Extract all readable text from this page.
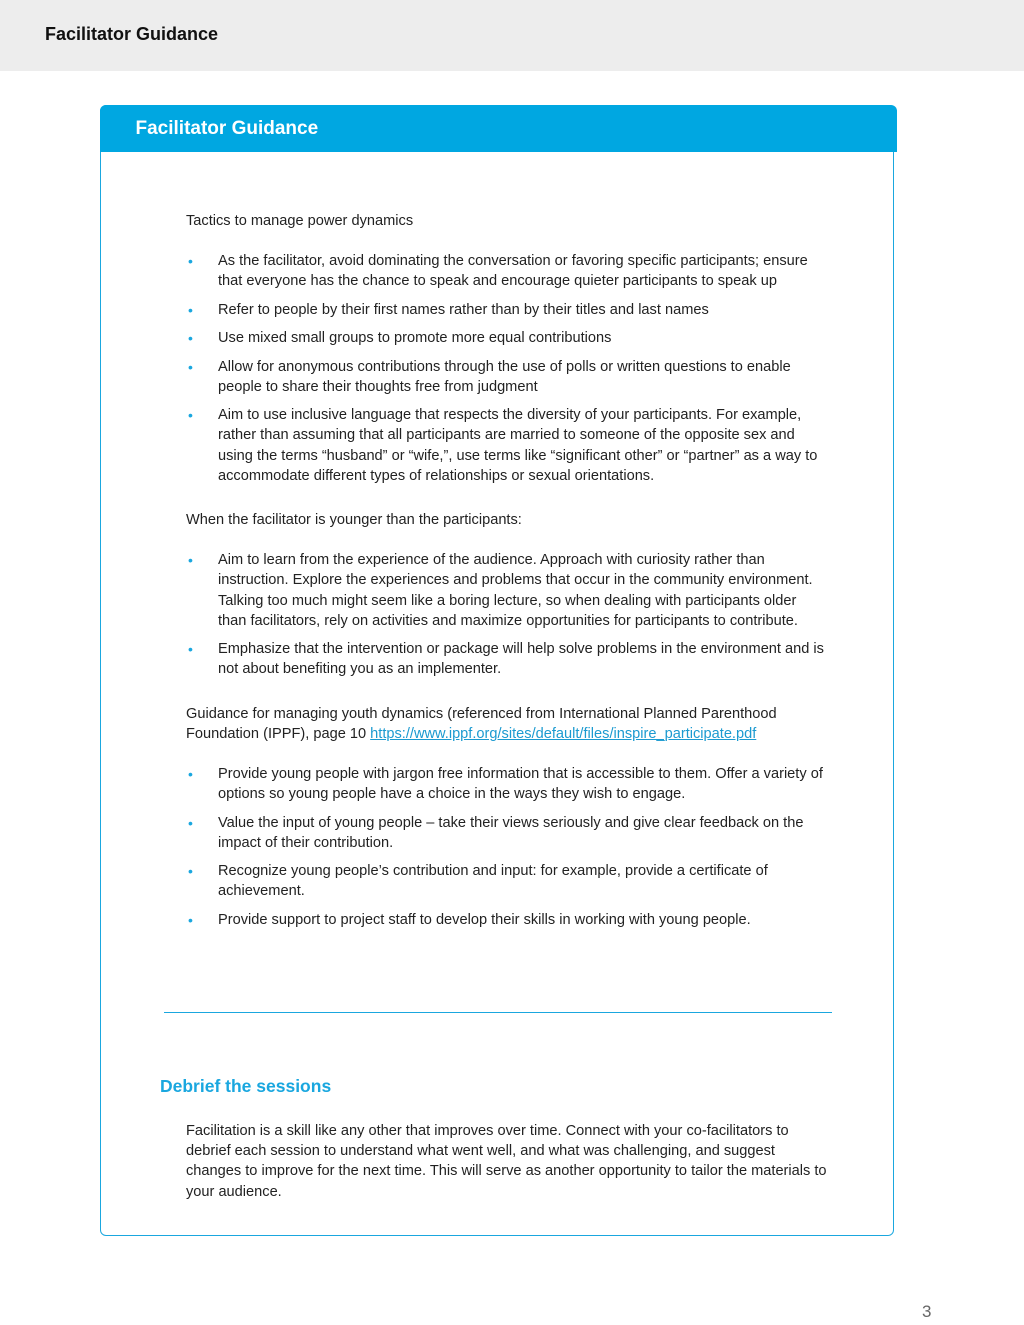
Facilitator Guidance
Facilitator Guidance

Tactics to manage power dynamics

• As the facilitator, avoid dominating the conversation or favoring specific participants; ensure that everyone has the chance to speak and encourage quieter participants to speak up
• Refer to people by their first names rather than by their titles and last names
• Use mixed small groups to promote more equal contributions
• Allow for anonymous contributions through the use of polls or written questions to enable people to share their thoughts free from judgment
• Aim to use inclusive language that respects the diversity of your participants. For example, rather than assuming that all participants are married to someone of the opposite sex and using the terms “husband” or “wife,”, use terms like “significant other” or “partner” as a way to accommodate different types of relationships or sexual orientations.

When the facilitator is younger than the participants:

• Aim to learn from the experience of the audience. Approach with curiosity rather than instruction. Explore the experiences and problems that occur in the community environment. Talking too much might seem like a boring lecture, so when dealing with participants older than facilitators, rely on activities and maximize opportunities for participants to contribute.
• Emphasize that the intervention or package will help solve problems in the environment and is not about benefiting you as an implementer.

Guidance for managing youth dynamics (referenced from International Planned Parenthood Foundation (IPPF), page 10 https://www.ippf.org/sites/default/files/inspire_participate.pdf

• Provide young people with jargon free information that is accessible to them. Offer a variety of options so young people have a choice in the ways they wish to engage.
• Value the input of young people – take their views seriously and give clear feedback on the impact of their contribution.
• Recognize young people’s contribution and input: for example, provide a certificate of achievement.
• Provide support to project staff to develop their skills in working with young people.
Debrief the sessions
Facilitation is a skill like any other that improves over time. Connect with your co-facilitators to debrief each session to understand what went well, and what was challenging, and suggest changes to improve for the next time. This will serve as another opportunity to tailor the materials to your audience.
3
